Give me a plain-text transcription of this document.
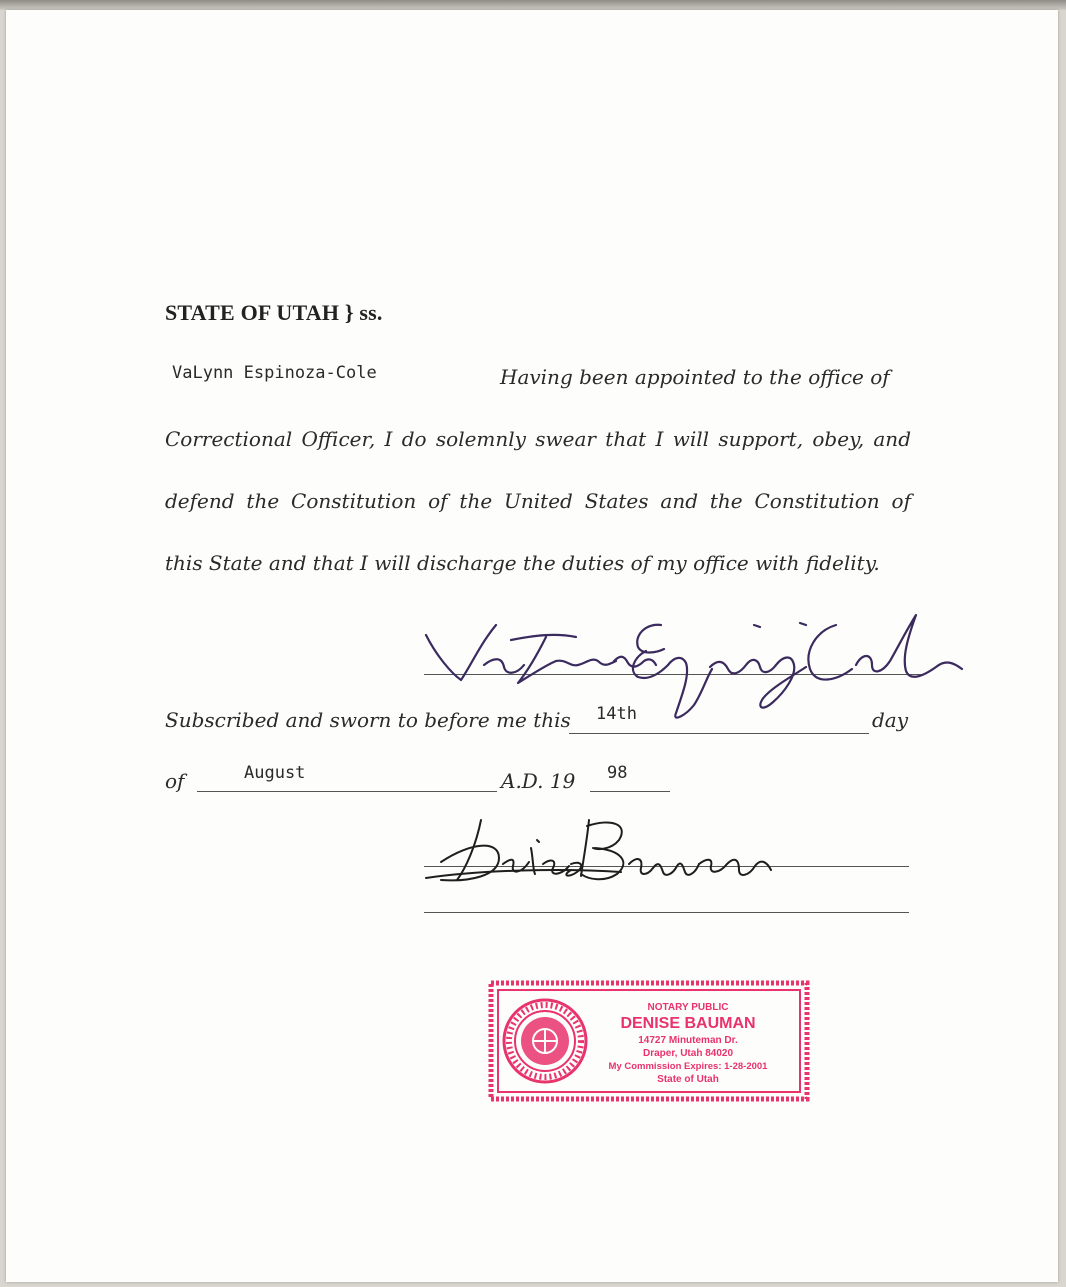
STATE OF UTAH } ss.
VaLynn Espinoza-Cole	Having been appointed to the office of
Correctional Officer, I do solemnly swear that I will support, obey, and
defend the Constitution of the United States and the Constitution of
this State and that I will discharge the duties of my office with fidelity.
Subscribed and sworn to before me this 14th	day
of	August	A.D. 19 98
NOTARY PUBLIC
DENISE BAUMAN
14727 Minuteman Dr.
Draper, Utah 84020
My Commission Expires: 1-28-2001
State of Utah
